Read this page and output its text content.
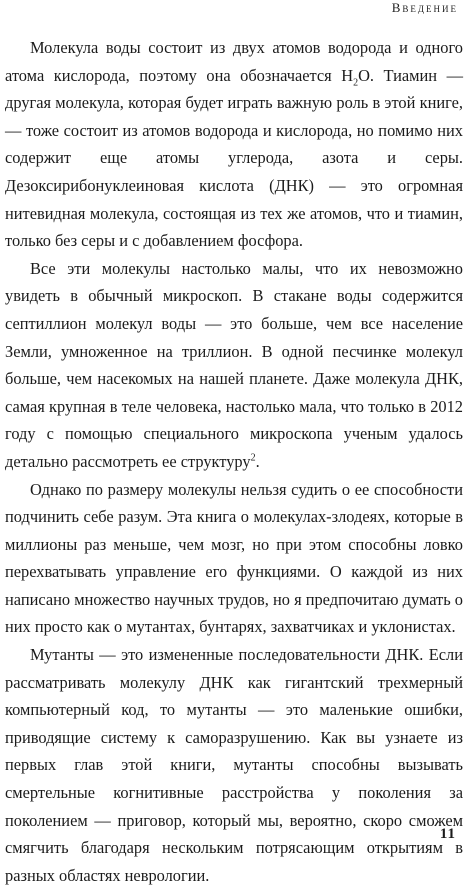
Введение

Молекула воды состоит из двух атомов водорода и одного атома кислорода, поэтому она обозначается $H_2O$. Тиамин — другая молекула, которая будет играть важную роль в этой книге, — тоже состоит из атомов водорода и кислорода, но помимо них содержит еще атомы углерода, азота и серы. Дезоксирибонуклеиновая кислота (ДНК) — это огромная нитевидная молекула, состоящая из тех же атомов, что и тиамин, только без серы и с добавлением фосфора.

Все эти молекулы настолько малы, что их невозможно увидеть в обычный микроскоп. В стакане воды содержится септиллион молекул воды — это больше, чем все население Земли, умноженное на триллион. В одной песчинке молекул больше, чем насекомых на нашей планете. Даже молекула ДНК, самая крупная в теле человека, настолько мала, что только в 2012 году с помощью специального микроскопа ученым удалось детально рассмотреть ее структуру$^2$.

Однако по размеру молекулы нельзя судить о ее способности подчинить себе разум. Эта книга о молекулах-злодеях, которые в миллионы раз меньше, чем мозг, но при этом способны ловко перехватывать управление его функциями. О каждой из них написано множество научных трудов, но я предпочитаю думать о них просто как о мутантах, бунтарях, захватчиках и уклонистах.

Мутанты — это измененные последовательности ДНК. Если рассматривать молекулу ДНК как гигантский трехмерный компьютерный код, то мутанты — это маленькие ошибки, приводящие систему к саморазрушению. Как вы узнаете из первых глав этой книги, мутанты способны вызывать смертельные когнитивные расстройства у поколения за поколением — приговор, который мы, вероятно, скоро сможем смягчить благодаря нескольким потрясающим открытиям в разных областях неврологии.

11
